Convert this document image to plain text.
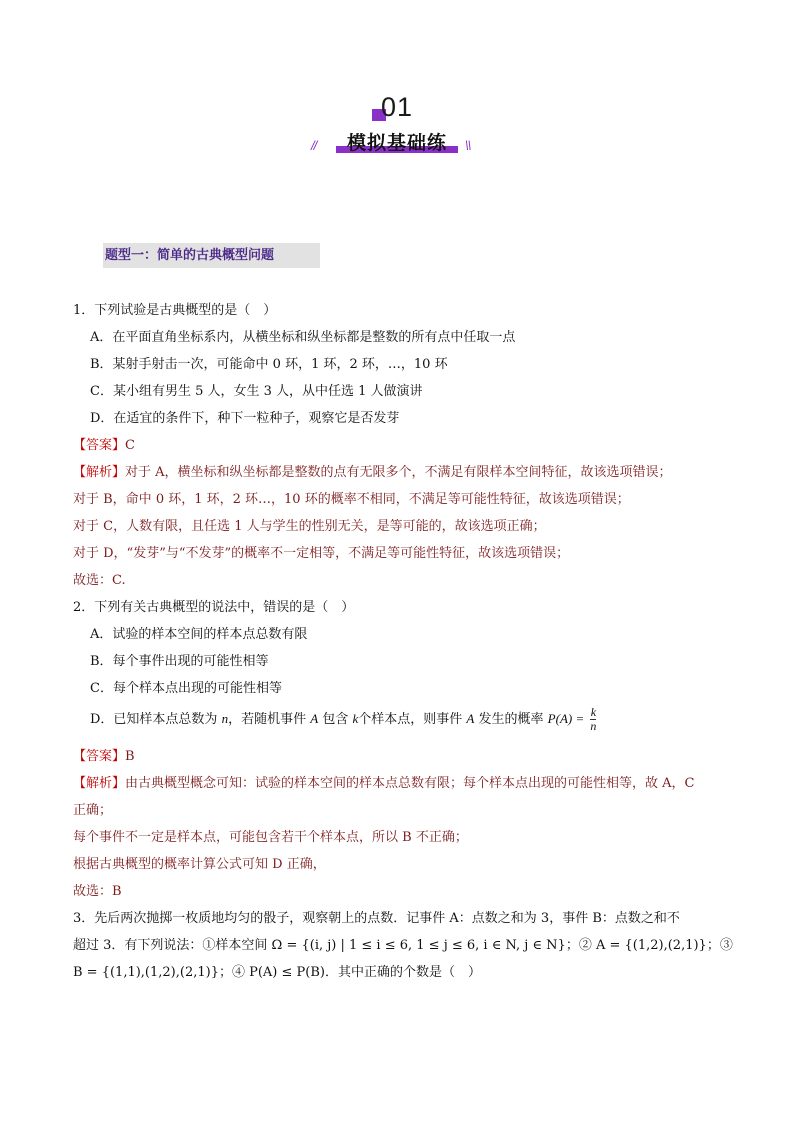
01
// 模拟基础练 \\
题型一：简单的古典概型问题
1．下列试验是古典概型的是（　）
A．在平面直角坐标系内，从横坐标和纵坐标都是整数的所有点中任取一点
B．某射手射击一次，可能命中 0 环，1 环，2 环，…，10 环
C．某小组有男生 5 人，女生 3 人，从中任选 1 人做演讲
D．在适宜的条件下，种下一粒种子，观察它是否发芽
【答案】C
【解析】对于 A，横坐标和纵坐标都是整数的点有无限多个，不满足有限样本空间特征，故该选项错误；
对于 B，命中 0 环，1 环，2 环…，10 环的概率不相同，不满足等可能性特征，故该选项错误；
对于 C，人数有限，且任选 1 人与学生的性别无关，是等可能的，故该选项正确；
对于 D，“发芽”与“不发芽”的概率不一定相等，不满足等可能性特征，故该选项错误；
故选：C.
2．下列有关古典概型的说法中，错误的是（　）
A．试验的样本空间的样本点总数有限
B．每个事件出现的可能性相等
C．每个样本点出现的可能性相等
D．已知样本点总数为 n，若随机事件 A 包含 k个样本点，则事件 A 发生的概率 $P(A) = \frac{k}{n}$
【答案】B
【解析】由古典概型概念可知：试验的样本空间的样本点总数有限；每个样本点出现的可能性相等，故 A，C
正确；
每个事件不一定是样本点，可能包含若干个样本点，所以 B 不正确；
根据古典概型的概率计算公式可知 D 正确，
故选：B
3．先后两次抛掷一枚质地均匀的骰子，观察朝上的点数．记事件 A：点数之和为 3，事件 B：点数之和不
超过 3．有下列说法：①样本空间 Ω = {(i, j) | 1 ≤ i ≤ 6, 1 ≤ j ≤ 6, i ∈ N, j ∈ N}；② A = {(1,2),(2,1)}；③
B = {(1,1),(1,2),(2,1)}；④ P(A) ≤ P(B)．其中正确的个数是（　）
